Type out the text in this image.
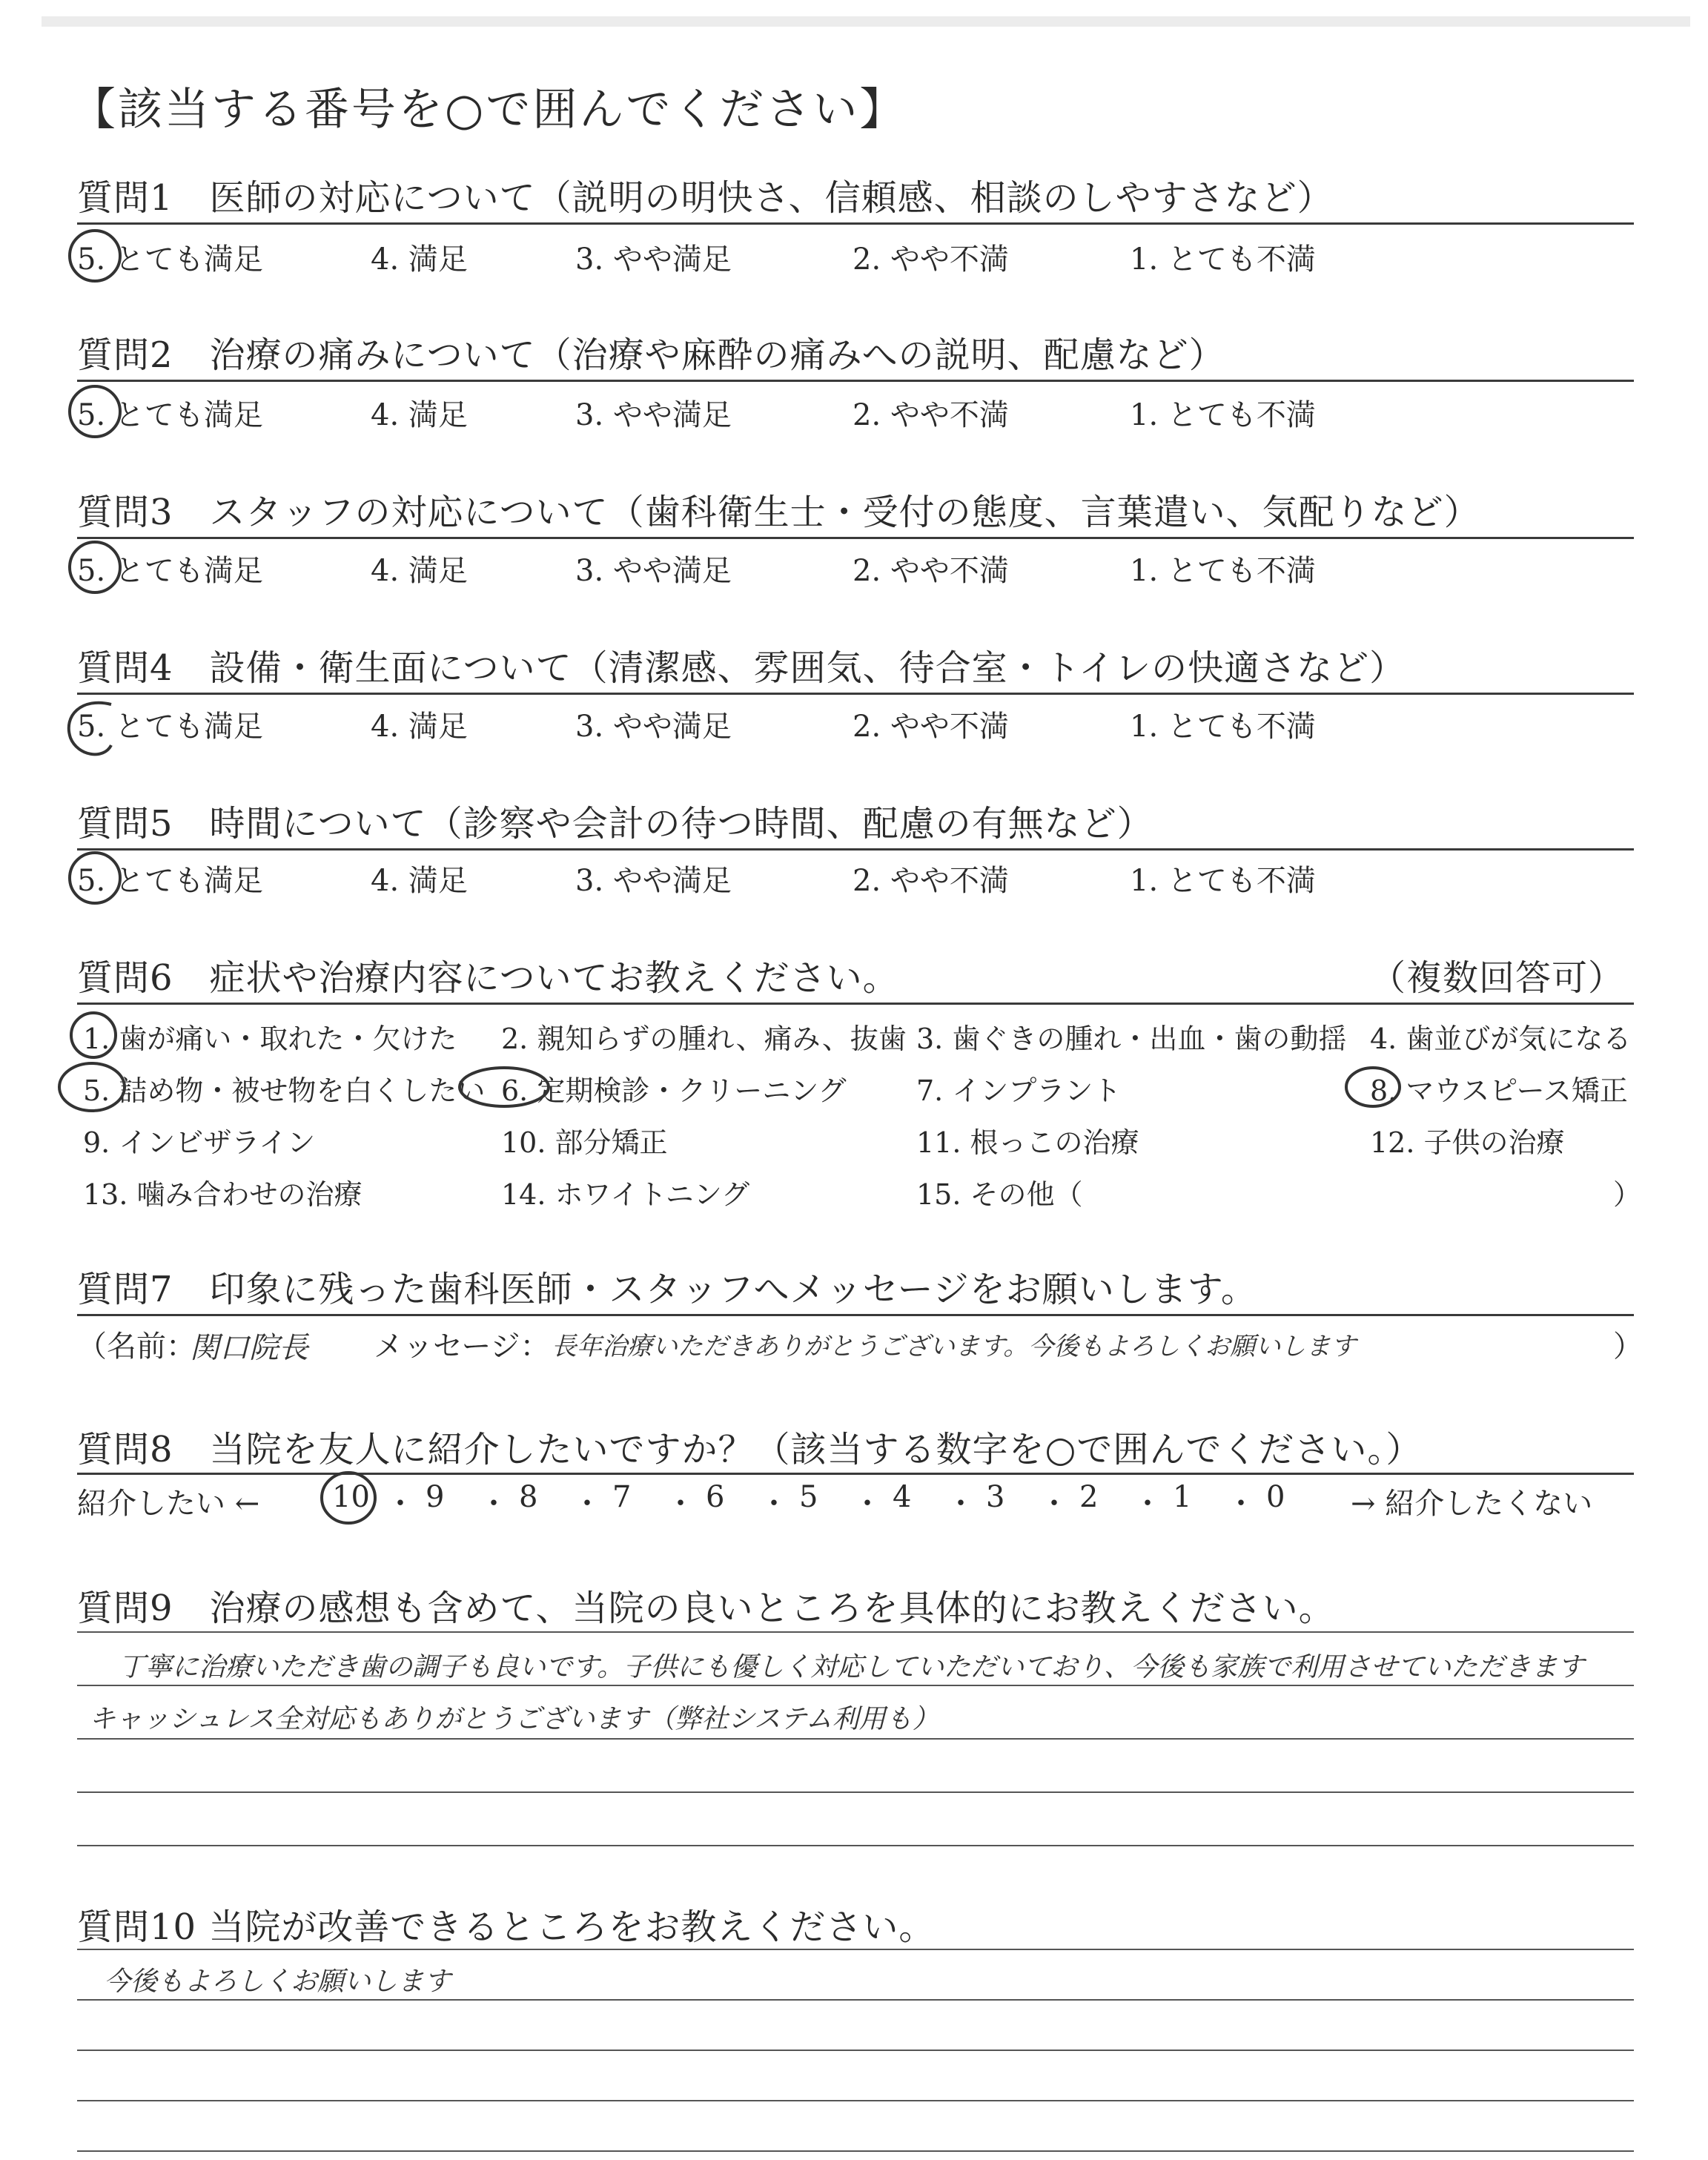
【該当する番号を○で囲んでください】
質問1　医師の対応について（説明の明快さ、信頼感、相談のしやすさなど）
5. とても満足	4. 満足	3. やや満足	2. やや不満	1. とても不満
質問2　治療の痛みについて（治療や麻酔の痛みへの説明、配慮など）
5. とても満足	4. 満足	3. やや満足	2. やや不満	1. とても不満
質問3　スタッフの対応について（歯科衛生士・受付の態度、言葉遣い、気配りなど）
5. とても満足	4. 満足	3. やや満足	2. やや不満	1. とても不満
質問4　設備・衛生面について（清潔感、雰囲気、待合室・トイレの快適さなど）
5. とても満足	4. 満足	3. やや満足	2. やや不満	1. とても不満
質問5　時間について（診察や会計の待つ時間、配慮の有無など）
5. とても満足	4. 満足	3. やや満足	2. やや不満	1. とても不満
質問6　症状や治療内容についてお教えください。	（複数回答可）
1. 歯が痛い・取れた・欠けた 2. 親知らずの腫れ、痛み、抜歯 3. 歯ぐきの腫れ・出血・歯の動揺 4. 歯並びが気になる
5. 詰め物・被せ物を白くしたい 6. 定期検診・クリーニング 7. インプラント	8. マウスピース矯正
9. インビザライン	10. 部分矯正	11. 根っこの治療	12. 子供の治療
13. 噛み合わせの治療	14. ホワイトニング	15. その他（	）
質問7　印象に残った歯科医師・スタッフへメッセージをお願いします。
（名前：
関口院長 メッセージ： 長年治療いただきありがとうございます。今後もよろしくお願いします	）
質問8　当院を友人に紹介したいですか？（該当する数字を○で囲んでください。）
紹介したい ← 10 ・ 9 ・ 8 ・ 7 ・ 6 ・ 5 ・ 4 ・ 3 ・ 2 ・ 1 ・ 0 → 紹介したくない
質問9　治療の感想も含めて、当院の良いところを具体的にお教えください。
丁寧に治療いただき歯の調子も良いです。子供にも優しく対応していただいており、今後も家族で利用させていただきます
キャッシュレス全対応もありがとうございます（弊社システム利用も）
質問10 当院が改善できるところをお教えください。
今後もよろしくお願いします
